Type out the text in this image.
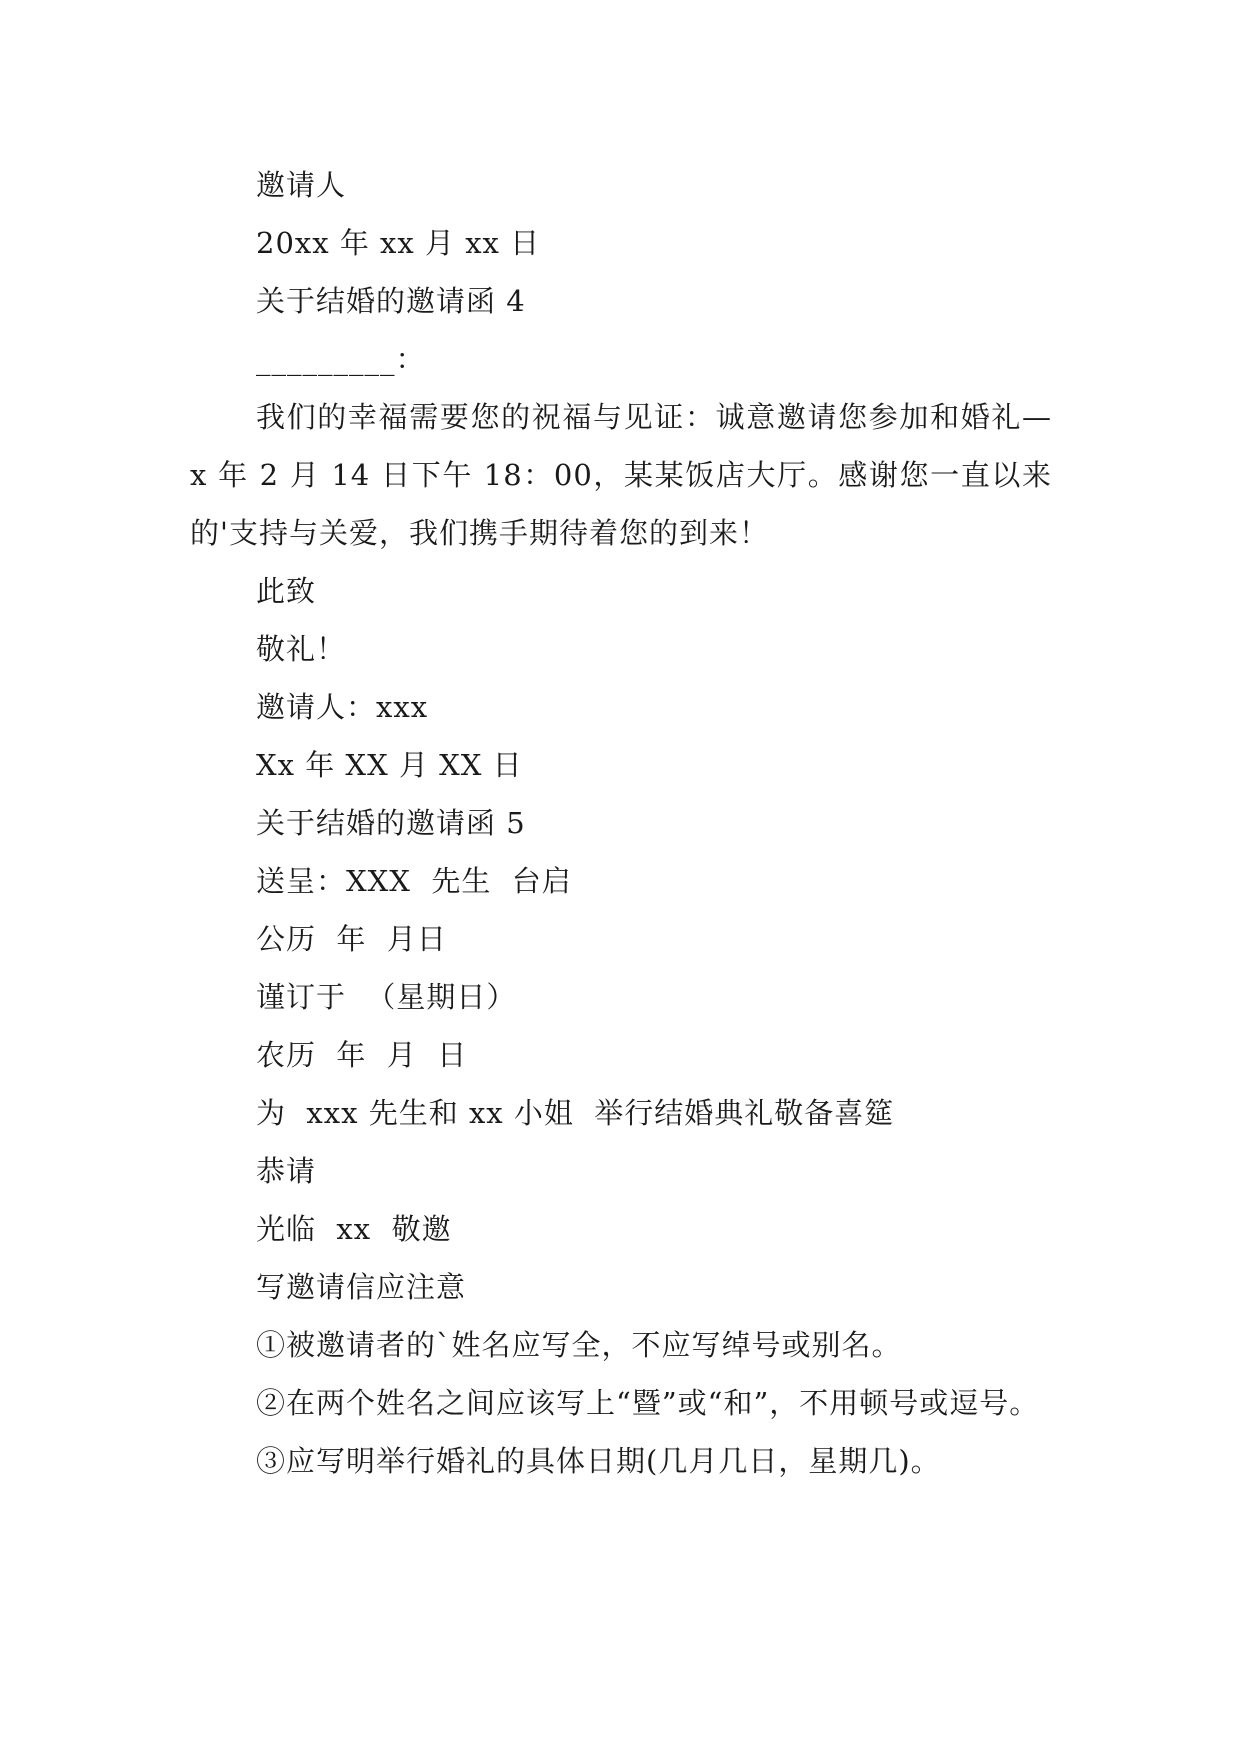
邀请人

20xx 年 xx 月 xx 日

关于结婚的邀请函 4

_________：

我们的幸福需要您的祝福与见证：诚意邀请您参加和婚礼—x 年 2 月 14 日下午 18：00，某某饭店大厅。感谢您一直以来的'支持与关爱，我们携手期待着您的到来！

此致

敬礼！

邀请人：xxx

Xx 年 XX 月 XX 日

关于结婚的邀请函 5

送呈：XXX  先生  台启

公历  年  月日

谨订于  （星期日）

农历  年  月  日

为  xxx 先生和 xx 小姐  举行结婚典礼敬备喜筵

恭请

光临  xx  敬邀

写邀请信应注意

①被邀请者的`姓名应写全，不应写绰号或别名。

②在两个姓名之间应该写上“暨”或“和”，不用顿号或逗号。

③应写明举行婚礼的具体日期(几月几日，星期几)。
